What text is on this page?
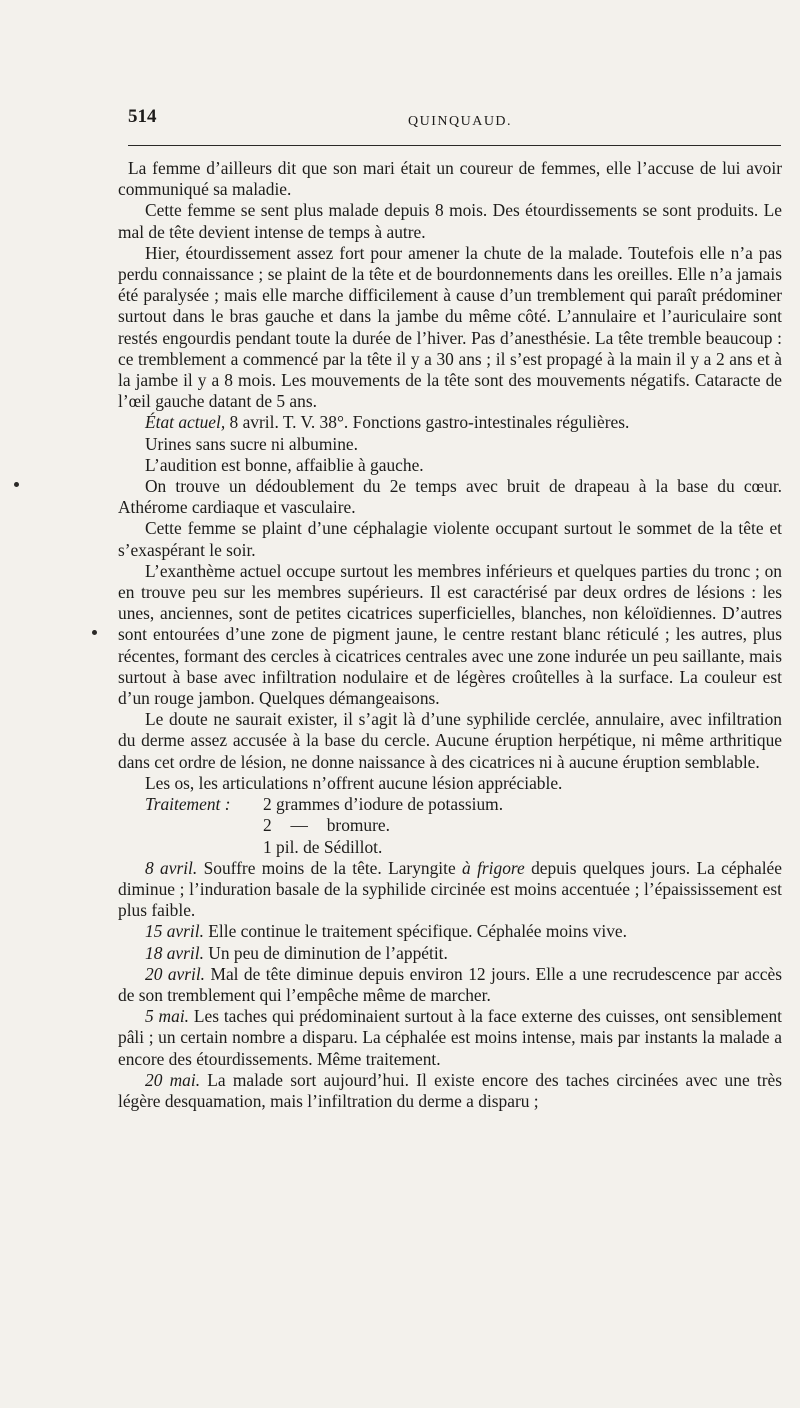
514	QUINQUAUD.

La femme d’ailleurs dit que son mari était un coureur de femmes, elle l’accuse de lui avoir communiqué sa maladie.

Cette femme se sent plus malade depuis 8 mois. Des étourdissements se sont produits. Le mal de tête devient intense de temps à autre.

Hier, étourdissement assez fort pour amener la chute de la malade. Toutefois elle n’a pas perdu connaissance ; se plaint de la tête et de bourdonnements dans les oreilles. Elle n’a jamais été paralysée ; mais elle marche difficilement à cause d’un tremblement qui paraît prédominer surtout dans le bras gauche et dans la jambe du même côté. L’annulaire et l’auriculaire sont restés engourdis pendant toute la durée de l’hiver. Pas d’anesthésie. La tête tremble beaucoup : ce tremblement a commencé par la tête il y a 30 ans ; il s’est propagé à la main il y a 2 ans et à la jambe il y a 8 mois. Les mouvements de la tête sont des mouvements négatifs. Cataracte de l’œil gauche datant de 5 ans.

État actuel, 8 avril. T. V. 38°. Fonctions gastro-intestinales régulières.

Urines sans sucre ni albumine.

L’audition est bonne, affaiblie à gauche.

On trouve un dédoublement du 2e temps avec bruit de drapeau à la base du cœur. Athérome cardiaque et vasculaire.

Cette femme se plaint d’une céphalagie violente occupant surtout le sommet de la tête et s’exaspérant le soir.

L’exanthème actuel occupe surtout les membres inférieurs et quelques parties du tronc ; on en trouve peu sur les membres supérieurs. Il est caractérisé par deux ordres de lésions : les unes, anciennes, sont de petites cicatrices superficielles, blanches, non kéloïdiennes. D’autres sont entourées d’une zone de pigment jaune, le centre restant blanc réticulé ; les autres, plus récentes, formant des cercles à cicatrices centrales avec une zone indurée un peu saillante, mais surtout à base avec infiltration nodulaire et de légères croûtelles à la surface. La couleur est d’un rouge jambon. Quelques démangeaisons.

Le doute ne saurait exister, il s’agit là d’une syphilide cerclée, annulaire, avec infiltration du derme assez accusée à la base du cercle. Aucune éruption herpétique, ni même arthritique dans cet ordre de lésion, ne donne naissance à des cicatrices ni à aucune éruption semblable.

Les os, les articulations n’offrent aucune lésion appréciable.

Traitement : 2 grammes d’iodure de potassium.
2 — bromure.
1 pil. de Sédillot.

8 avril. Souffre moins de la tête. Laryngite à frigore depuis quelques jours. La céphalée diminue ; l’induration basale de la syphilide circinée est moins accentuée ; l’épaississement est plus faible.

15 avril. Elle continue le traitement spécifique. Céphalée moins vive.

18 avril. Un peu de diminution de l’appétit.

20 avril. Mal de tête diminue depuis environ 12 jours. Elle a une recrudescence par accès de son tremblement qui l’empêche même de marcher.

5 mai. Les taches qui prédominaient surtout à la face externe des cuisses, ont sensiblement pâli ; un certain nombre a disparu. La céphalée est moins intense, mais par instants la malade a encore des étourdissements. Même traitement.

20 mai. La malade sort aujourd’hui. Il existe encore des taches circinées avec une très légère desquamation, mais l’infiltration du derme a disparu ;
